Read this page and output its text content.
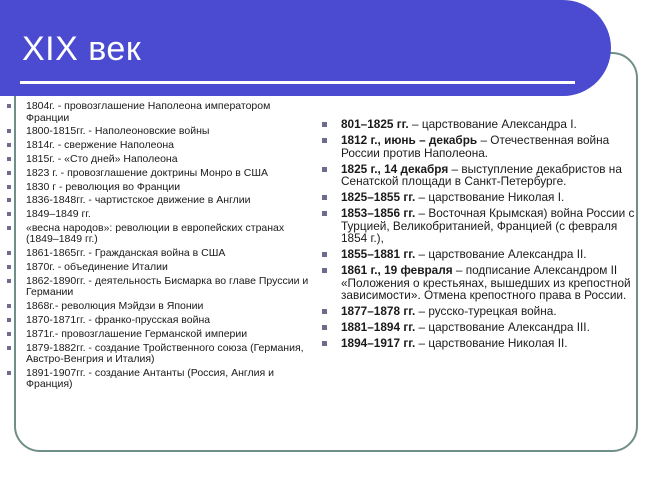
XIX век
1804г. - провозглашение Наполеона императором Франции
1800-1815гг. - Наполеоновские войны
1814г. - свержение Наполеона
1815г. - «Сто дней» Наполеона
1823 г. - провозглашение доктрины Монро в США
1830 г - революция во Франции
1836-1848гг. - чартистское движение в Англии
1849–1849 гг.
«весна народов»: революции в европейских странах (1849–1849 гг.)
1861-1865гг. - Гражданская война в США
1870г. - объединение Италии
1862-1890гг. - деятельность Бисмарка во главе Пруссии и Германии
1868г.- революция Мэйдзи в Японии
1870-1871гг. - франко-прусская война
1871г.- провозглашение Германской империи
1879-1882гг. - создание Тройственного союза (Германия, Австро-Венгрия и Италия)
1891-1907гг. - создание Антанты (Россия, Англия и Франция)
801–1825 гг. – царствование Александра I.
1812 г., июнь – декабрь – Отечественная война России против Наполеона.
1825 г., 14 декабря – выступление декабристов на Сенатской площади в Санкт-Петербурге.
1825–1855 гг. – царствование Николая I.
1853–1856 гг. – Восточная Крымская) война России с Турцией, Великобританией, Францией (с февраля 1854 г.),
1855–1881 гг. – царствование Александра II.
1861 г., 19 февраля – подписание Александром II «Положения о крестьянах, вышедших из крепостной зависимости». Отмена крепостного права в России.
1877–1878 гг. – русско-турецкая война.
1881–1894 гг. – царствование Александра III.
1894–1917 гг. – царствование Николая II.
